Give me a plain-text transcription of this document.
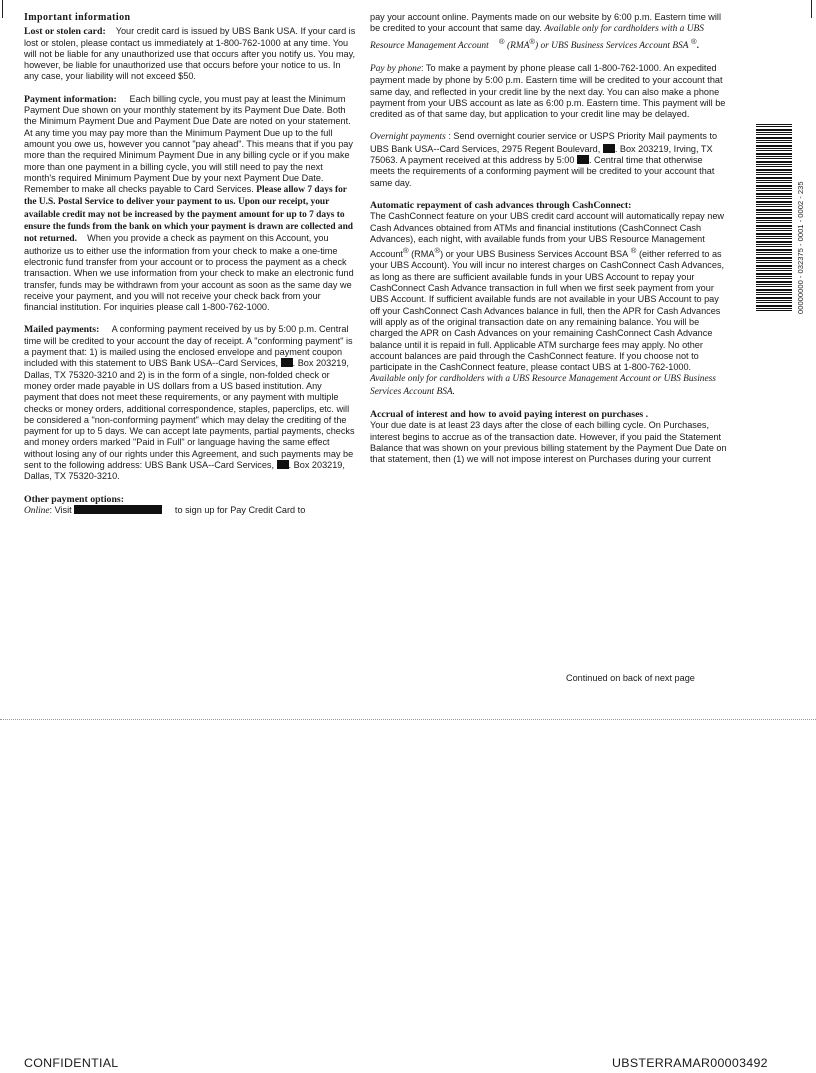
Important information

Lost or stolen card: Your credit card is issued by UBS Bank USA. If your card is lost or stolen, please contact us immediately at 1-800-762-1000 at any time. You will not be liable for any unauthorized use that occurs after you notify us. You may, however, be liable for unauthorized use that occurs before your notice to us. In any case, your liability will not exceed $50.

Payment information: Each billing cycle, you must pay at least the Minimum Payment Due shown on your monthly statement by its Payment Due Date. Both the Minimum Payment Due and Payment Due Date are noted on your statement. At any time you may pay more than the Minimum Payment Due up to the full amount you owe us, however you cannot "pay ahead". This means that if you pay more than the required Minimum Payment Due in any billing cycle or if you make more than one payment in a billing cycle, you will still need to pay the next month's required Minimum Payment Due by your next Payment Due Date. Remember to make all checks payable to Card Services. Please allow 7 days for the U.S. Postal Service to deliver your payment to us. Upon our receipt, your available credit may not be increased by the payment amount for up to 7 days to ensure the funds from the bank on which your payment is drawn are collected and not returned. When you provide a check as payment on this Account, you authorize us to either use the information from your check to make a one-time electronic fund transfer from your account or to process the payment as a check transaction. When we use information from your check to make an electronic fund transfer, funds may be withdrawn from your account as soon as the same day we receive your payment, and you will not receive your check back from your financial institution. For inquiries please call 1-800-762-1000.

Mailed payments: A conforming payment received by us by 5:00 p.m. Central time will be credited to your account the day of receipt. A "conforming payment" is a payment that: 1) is mailed using the enclosed envelope and payment coupon included with this statement to UBS Bank USA--Card Services, . Box 203219, Dallas, TX 75320-3210 and 2) is in the form of a single, non-folded check or money order made payable in US dollars from a US based institution. Any payment that does not meet these requirements, or any payment with multiple checks or money orders, additional correspondence, staples, paperclips, etc. will be considered a "non-conforming payment" which may delay the crediting of the payment for up to 5 days. We can accept late payments, partial payments, checks and money orders marked "Paid in Full" or language having the same effect without losing any of our rights under this Agreement, and such payments may be sent to the following address: UBS Bank USA--Card Services, . Box 203219, Dallas, TX 75320-3210.

Other payment options:
Online: Visit	to sign up for Pay Credit Card to

pay your account online. Payments made on our website by 6:00 p.m. Eastern time will be credited to your account that same day. Available only for cardholders with a UBS Resource Management Account ® (RMA®) or UBS Business Services Account BSA ®.

Pay by phone: To make a payment by phone please call 1-800-762-1000. An expedited payment made by phone by 5:00 p.m. Eastern time will be credited to your account that same day, and reflected in your credit line by the next day. You can also make a phone payment from your UBS account as late as 6:00 p.m. Eastern time. This payment will be credited as of that same day, but application to your credit line may be delayed.

Overnight payments : Send overnight courier service or USPS Priority Mail payments to UBS Bank USA--Card Services, 2975 Regent Boulevard, . Box 203219, Irving, TX 75063. A payment received at this address by 5:00 . Central time that otherwise meets the requirements of a conforming payment will be credited to your account that same day.

Automatic repayment of cash advances through CashConnect:
The CashConnect feature on your UBS credit card account will automatically repay new Cash Advances obtained from ATMs and financial institutions (CashConnect Cash Advances), each night, with available funds from your UBS Resource Management Account® (RMA®) or your UBS Business Services Account BSA ® (either referred to as your UBS Account). You will incur no interest charges on CashConnect Cash Advances, as long as there are sufficient available funds in your UBS Account to repay your CashConnect Cash Advance transaction in full when we first seek payment from your UBS Account. If sufficient available funds are not available in your UBS Account to pay off your CashConnect Cash Advances balance in full, then the APR for Cash Advances will apply as of the original transaction date on any remaining balance. You will be charged the APR on Cash Advances on your remaining CashConnect Cash Advance balance until it is repaid in full. Applicable ATM surcharge fees may apply. No other account balances are paid through the CashConnect feature. If you choose not to participate in the CashConnect feature, please contact UBS at 1-800-762-1000.  Available only for cardholders with a UBS Resource Management Account or UBS Business Services Account BSA.

Accrual of interest and how to avoid paying interest on purchases .
Your due date is at least 23 days after the close of each billing cycle. On Purchases, interest begins to accrue as of the transaction date. However, if you paid the Statement Balance that was shown on your previous billing statement by the Payment Due Date on that statement, then (1) we will not impose interest on Purchases during your current

Continued on back of next page
00000000 - 032375 - 0001 - 0002 - 235
CONFIDENTIAL	UBSTERRAMAR00003492
